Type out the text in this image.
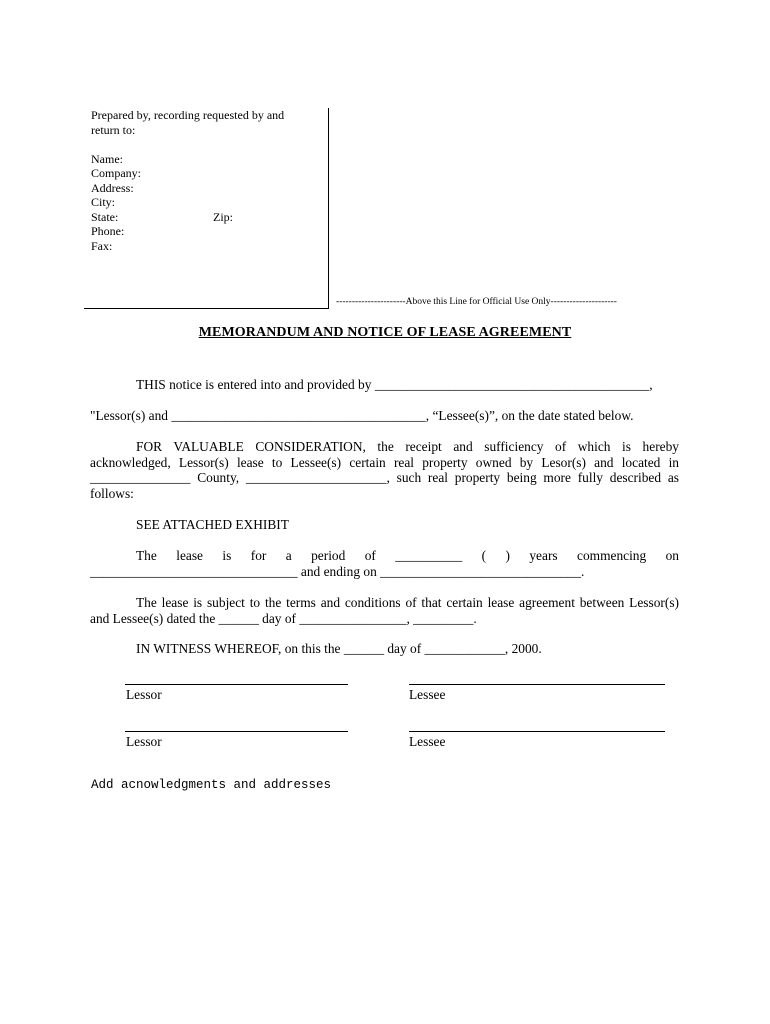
Prepared by, recording requested by and
return to:
Name:
Company:
Address:
City:
State:	Zip:
Phone:
Fax:
----------------------Above this Line for Official Use Only---------------------
MEMORANDUM AND NOTICE OF LEASE AGREEMENT
THIS notice is entered into and provided by _________________________________________,
"Lessor(s) and ______________________________________, “Lessee(s)”, on the date stated below.
FOR VALUABLE CONSIDERATION, the receipt and sufficiency of which is hereby acknowledged, Lessor(s) lease to Lessee(s) certain real property owned by Lesor(s) and located in _______________ County, _____________________, such real property being more fully described as follows:
SEE ATTACHED EXHIBIT
The lease is for a period of __________ ( ) years commencing on
_______________________________ and ending on ______________________________.
The lease is subject to the terms and conditions of that certain lease agreement between Lessor(s) and Lessee(s) dated the ______ day of ________________, _________.
IN WITNESS WHEREOF, on this the ______ day of ____________, 2000.
Lessor	Lessee
Lessor	Lessee
Add acnowledgments and addresses
